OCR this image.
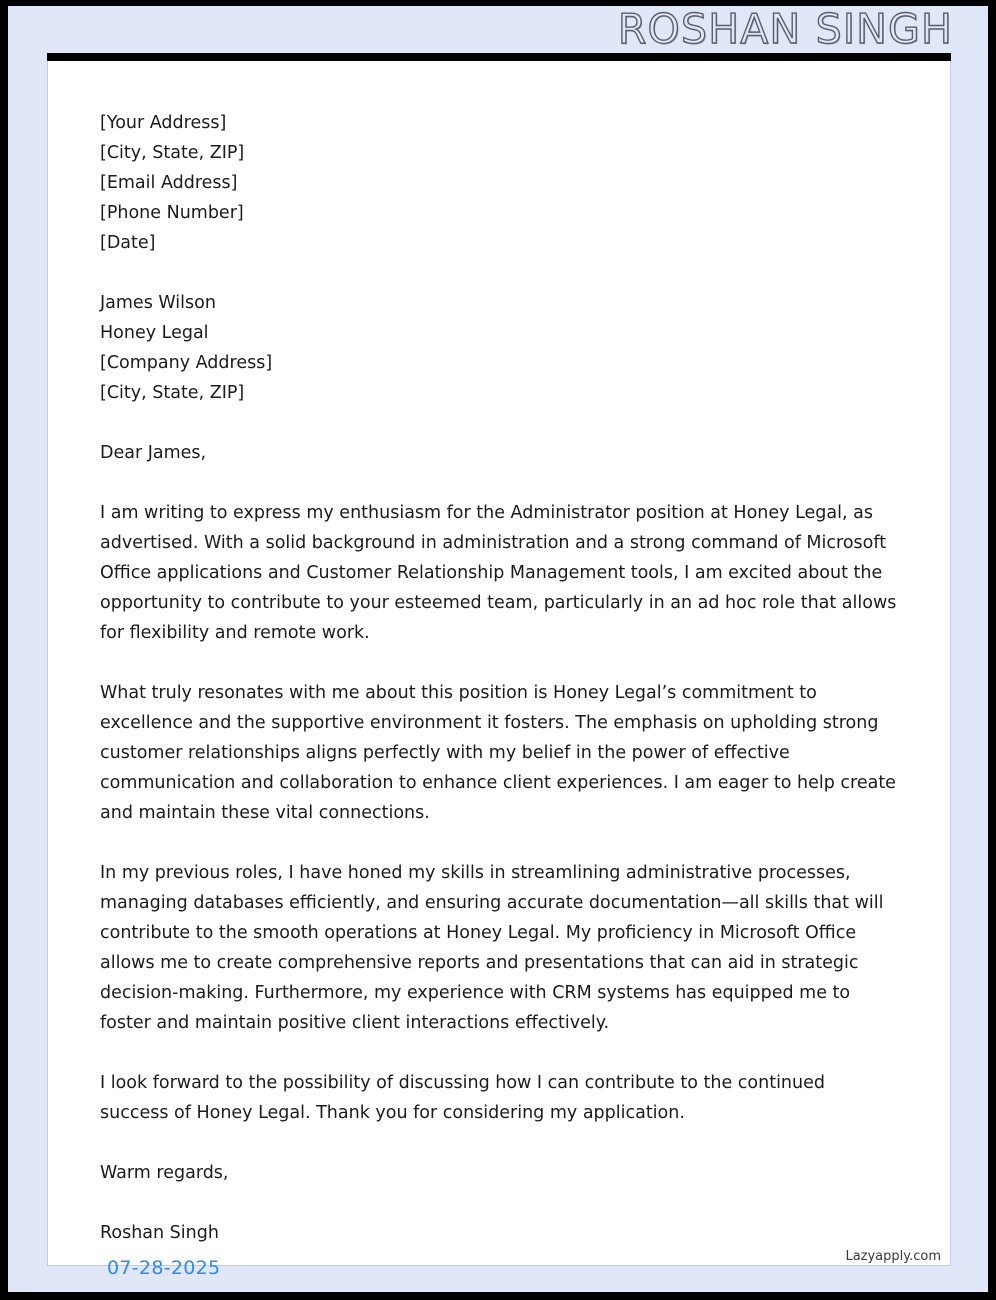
ROSHAN SINGH
[Your Address]
[City, State, ZIP]
[Email Address]
[Phone Number]
[Date]
James Wilson
Honey Legal
[Company Address]
[City, State, ZIP]
Dear James,

I am writing to express my enthusiasm for the Administrator position at Honey Legal, as advertised. With a solid background in administration and a strong command of Microsoft Office applications and Customer Relationship Management tools, I am excited about the opportunity to contribute to your esteemed team, particularly in an ad hoc role that allows for flexibility and remote work.

What truly resonates with me about this position is Honey Legal’s commitment to excellence and the supportive environment it fosters. The emphasis on upholding strong customer relationships aligns perfectly with my belief in the power of effective communication and collaboration to enhance client experiences. I am eager to help create and maintain these vital connections.

In my previous roles, I have honed my skills in streamlining administrative processes, managing databases efficiently, and ensuring accurate documentation—all skills that will contribute to the smooth operations at Honey Legal. My proficiency in Microsoft Office allows me to create comprehensive reports and presentations that can aid in strategic decision-making. Furthermore, my experience with CRM systems has equipped me to foster and maintain positive client interactions effectively.

I look forward to the possibility of discussing how I can contribute to the continued success of Honey Legal. Thank you for considering my application.

Warm regards,
Roshan Singh
07-28-2025
Lazyapply.com
